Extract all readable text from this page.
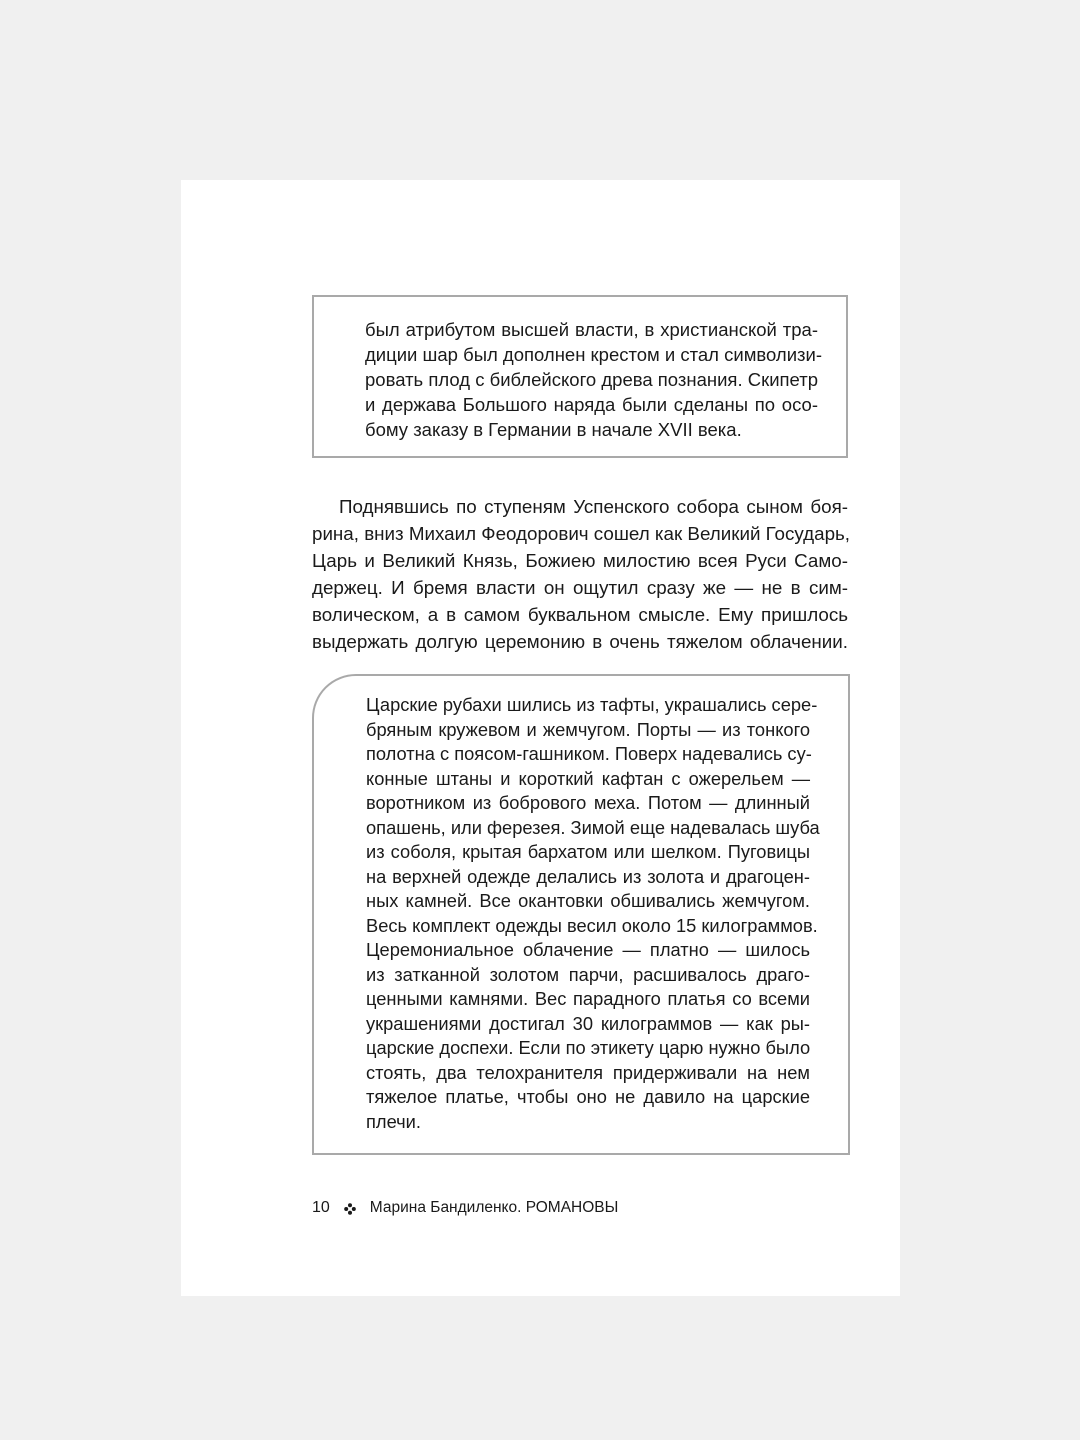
был атрибутом высшей власти, в христианской тра-
диции шар был дополнен крестом и стал символизи-
ровать плод с библейского древа познания. Скипетр
и держава Большого наряда были сделаны по осо-
бому заказу в Германии в начале XVII века.
Поднявшись по ступеням Успенского собора сыном боя-
рина, вниз Михаил Феодорович сошел как Великий Государь,
Царь и Великий Князь, Божиею милостию всея Руси Само-
держец. И бремя власти он ощутил сразу же — не в сим-
волическом, а в самом буквальном смысле. Ему пришлось
выдержать долгую церемонию в очень тяжелом облачении.
Царские рубахи шились из тафты, украшались сере-
бряным кружевом и жемчугом. Порты — из тонкого
полотна с поясом-гашником. Поверх надевались су-
конные штаны и короткий кафтан с ожерельем —
воротником из бобрового меха. Потом — длинный
опашень, или ферезея. Зимой еще надевалась шуба
из соболя, крытая бархатом или шелком. Пуговицы
на верхней одежде делались из золота и драгоцен-
ных камней. Все окантовки обшивались жемчугом.
Весь комплект одежды весил около 15 килограммов.
Церемониальное облачение — платно — шилось
из затканной золотом парчи, расшивалось драго-
ценными камнями. Вес парадного платья со всеми
украшениями достигал 30 килограммов — как ры-
царские доспехи. Если по этикету царю нужно было
стоять, два телохранителя придерживали на нем
тяжелое платье, чтобы оно не давило на царские
плечи.
10	Марина Бандиленко. РОМАНОВЫ
